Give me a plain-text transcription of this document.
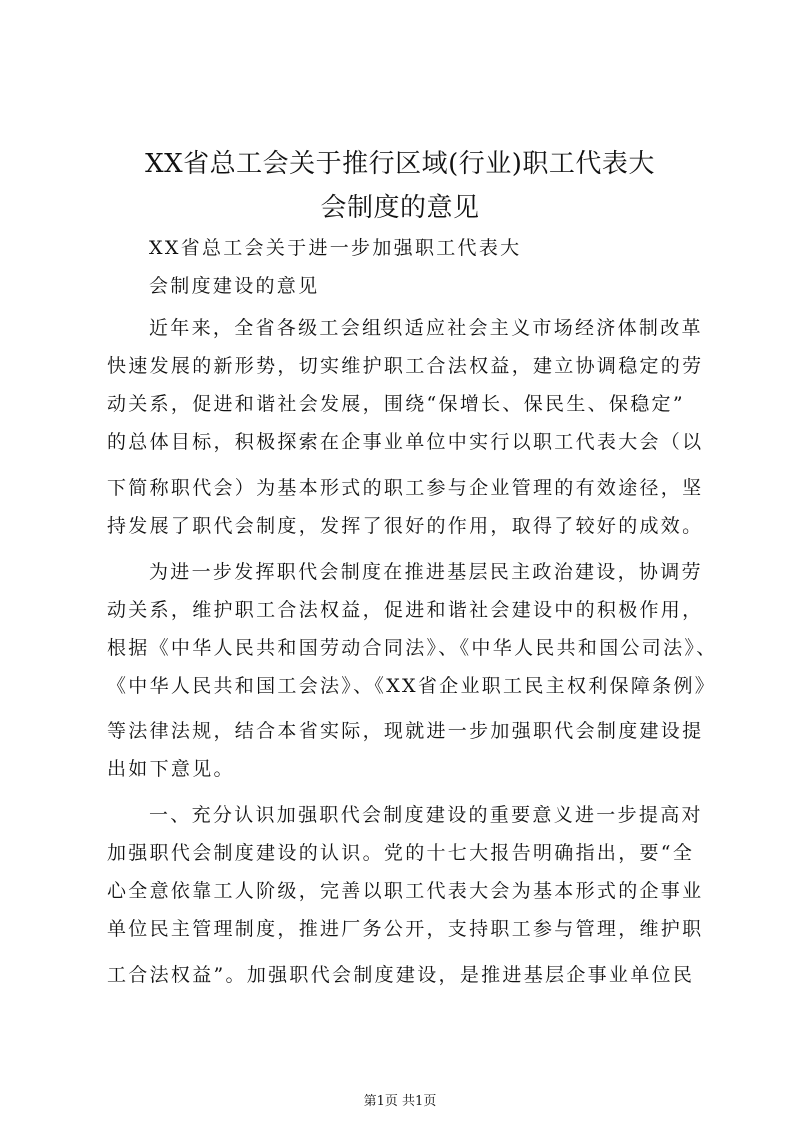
XX省总工会关于推行区域(行业)职工代表大
会制度的意见
XX省总工会关于进一步加强职工代表大
会制度建设的意见
近年来，全省各级工会组织适应社会主义市场经济体制改革
快速发展的新形势，切实维护职工合法权益，建立协调稳定的劳
动关系，促进和谐社会发展，围绕“保增长、保民生、保稳定”
的总体目标，积极探索在企事业单位中实行以职工代表大会（以
下简称职代会）为基本形式的职工参与企业管理的有效途径，坚
持发展了职代会制度，发挥了很好的作用，取得了较好的成效。
为进一步发挥职代会制度在推进基层民主政治建设，协调劳
动关系，维护职工合法权益，促进和谐社会建设中的积极作用，
根据《中华人民共和国劳动合同法》、《中华人民共和国公司法》、
《中华人民共和国工会法》、《XX省企业职工民主权利保障条例》
等法律法规，结合本省实际，现就进一步加强职代会制度建设提
出如下意见。
一、充分认识加强职代会制度建设的重要意义进一步提高对
加强职代会制度建设的认识。党的十七大报告明确指出，要“全
心全意依靠工人阶级，完善以职工代表大会为基本形式的企事业
单位民主管理制度，推进厂务公开，支持职工参与管理，维护职
工合法权益”。加强职代会制度建设，是推进基层企事业单位民
第1页 共1页
